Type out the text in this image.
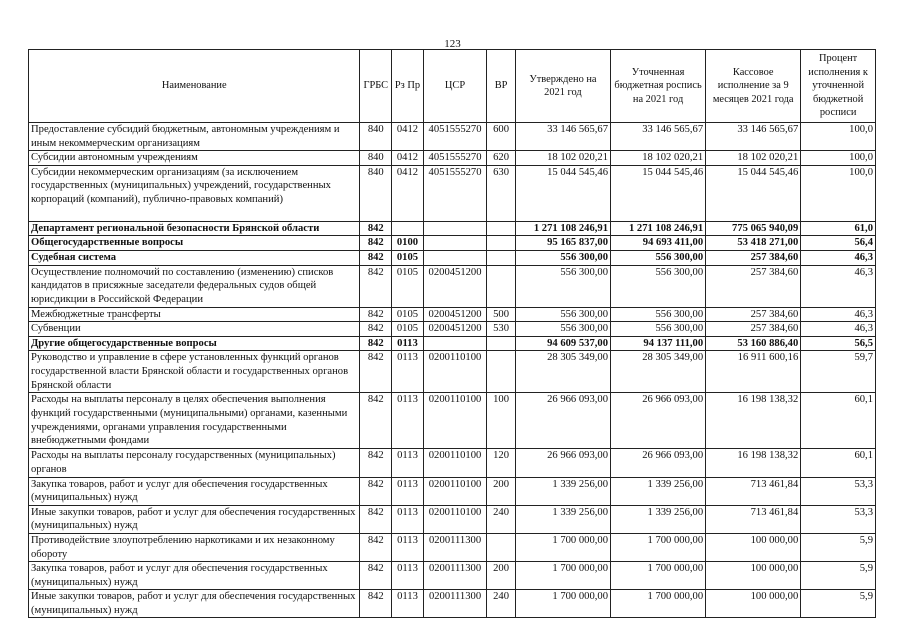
123
Наименование	ГРБС	Рз Пр	ЦСР	ВР	Утверждено на 2021 год	Уточненная бюджетная роспись на 2021 год	Кассовое исполнение за 9 месяцев 2021 года	Процент исполнения к уточненной бюджетной росписи
Предоставление субсидий бюджетным, автономным учреждениям и иным некоммерческим организациям	840	0412	4051555270	600	33 146 565,67	33 146 565,67	33 146 565,67	100,0
Субсидии автономным учреждениям	840	0412	4051555270	620	18 102 020,21	18 102 020,21	18 102 020,21	100,0
Субсидии некоммерческим организациям (за исключением государственных (муниципальных) учреждений, государственных корпораций (компаний), публично-правовых компаний)	840	0412	4051555270	630	15 044 545,46	15 044 545,46	15 044 545,46	100,0
Департамент региональной безопасности Брянской области	842				1 271 108 246,91	1 271 108 246,91	775 065 940,09	61,0
Общегосударственные вопросы	842	0100			95 165 837,00	94 693 411,00	53 418 271,00	56,4
Судебная система	842	0105			556 300,00	556 300,00	257 384,60	46,3
Осуществление полномочий по составлению (изменению) списков кандидатов в присяжные заседатели федеральных судов общей юрисдикции в Российской Федерации	842	0105	0200451200		556 300,00	556 300,00	257 384,60	46,3
Межбюджетные трансферты	842	0105	0200451200	500	556 300,00	556 300,00	257 384,60	46,3
Субвенции	842	0105	0200451200	530	556 300,00	556 300,00	257 384,60	46,3
Другие общегосударственные вопросы	842	0113			94 609 537,00	94 137 111,00	53 160 886,40	56,5
Руководство и управление в сфере установленных функций органов государственной власти Брянской области и государственных органов Брянской области	842	0113	0200110100		28 305 349,00	28 305 349,00	16 911 600,16	59,7
Расходы на выплаты персоналу в целях обеспечения выполнения функций государственными (муниципальными) органами, казенными учреждениями, органами управления государственными внебюджетными фондами	842	0113	0200110100	100	26 966 093,00	26 966 093,00	16 198 138,32	60,1
Расходы на выплаты персоналу государственных (муниципальных) органов	842	0113	0200110100	120	26 966 093,00	26 966 093,00	16 198 138,32	60,1
Закупка товаров, работ и услуг для обеспечения государственных (муниципальных) нужд	842	0113	0200110100	200	1 339 256,00	1 339 256,00	713 461,84	53,3
Иные закупки товаров, работ и услуг для обеспечения государственных (муниципальных) нужд	842	0113	0200110100	240	1 339 256,00	1 339 256,00	713 461,84	53,3
Противодействие злоупотреблению наркотиками и их незаконному обороту	842	0113	0200111300		1 700 000,00	1 700 000,00	100 000,00	5,9
Закупка товаров, работ и услуг для обеспечения государственных (муниципальных) нужд	842	0113	0200111300	200	1 700 000,00	1 700 000,00	100 000,00	5,9
Иные закупки товаров, работ и услуг для обеспечения государственных (муниципальных) нужд	842	0113	0200111300	240	1 700 000,00	1 700 000,00	100 000,00	5,9
